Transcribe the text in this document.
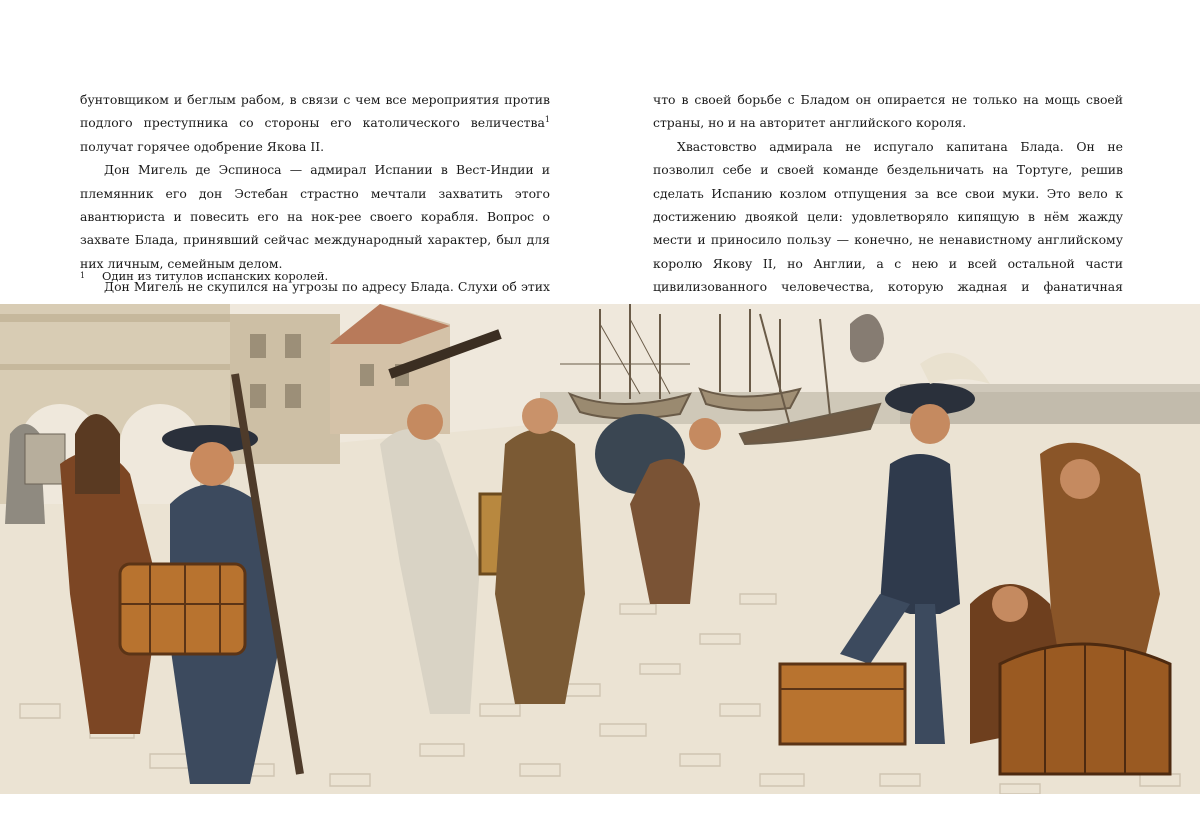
бунтовщиком и беглым рабом, в связи с чем все мероприятия против подлого преступника со стороны его католического величества$^1$ получат горячее одобрение Якова II.

Дон Мигель де Эспиноса — адмирал Испании в Вест-Индии и племянник его дон Эстебан страстно мечтали захватить этого авантюриста и повесить его на нок-рее своего корабля. Вопрос о захвате Блада, принявший сейчас международный характер, был для них личным, семейным делом.

Дон Мигель не скупился на угрозы по адресу Блада. Слухи об этих

1 Один из титулов испанских королей.

что в своей борьбе с Бладом он опирается не только на мощь своей страны, но и на авторитет английского короля.

Хвастовство адмирала не испугало капитана Блада. Он не позволил себе и своей команде бездельничать на Тортуге, решив сделать Испанию козлом отпущения за все свои муки. Это вело к достижению двоякой цели: удовлетворяло кипящую в нём жажду мести и приносило пользу — конечно, не ненавистному английскому королю Якову II, но Англии, а с нею и всей остальной части цивилизованного человечества, которую жадная и фанатичная
